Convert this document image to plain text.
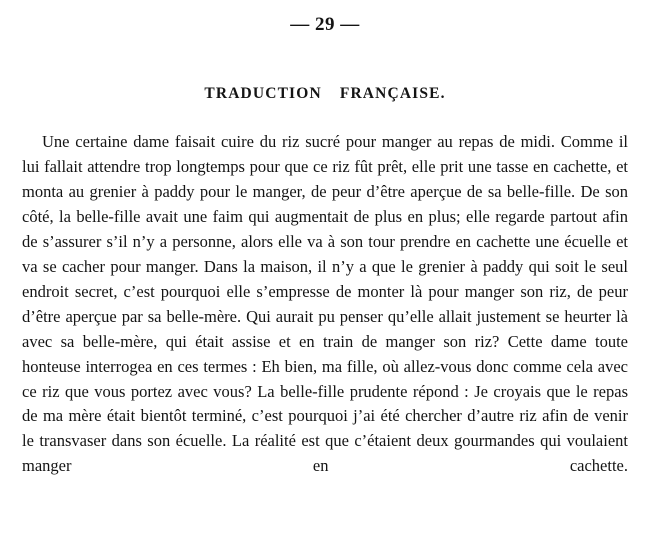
— 29 —
TRADUCTION  FRANÇAISE.

Une certaine dame faisait cuire du riz sucré pour manger au repas de midi. Comme il lui fallait attendre trop longtemps pour que ce riz fût prêt, elle prit une tasse en cachette, et monta au grenier à paddy pour le manger, de peur d’être aperçue de sa belle-fille. De son côté, la belle-fille avait une faim qui augmentait de plus en plus; elle regarde partout afin de s’assurer s’il n’y a personne, alors elle va à son tour prendre en cachette une écuelle et va se cacher pour manger. Dans la maison, il n’y a que le grenier à paddy qui soit le seul endroit secret, c’est pourquoi elle s’empresse de monter là pour manger son riz, de peur d’être aperçue par sa belle-mère. Qui aurait pu penser qu’elle allait justement se heurter là avec sa belle-mère, qui était assise et en train de manger son riz? Cette dame toute honteuse interrogea en ces termes : Eh bien, ma fille, où allez-vous donc comme cela avec ce riz que vous portez avec vous? La belle-fille prudente répond : Je croyais que le repas de ma mère était bientôt terminé, c’est pourquoi j’ai été chercher d’autre riz afin de venir le transvaser dans son écuelle. La réalité est que c’étaient deux gourmandes qui voulaient manger en cachette.
